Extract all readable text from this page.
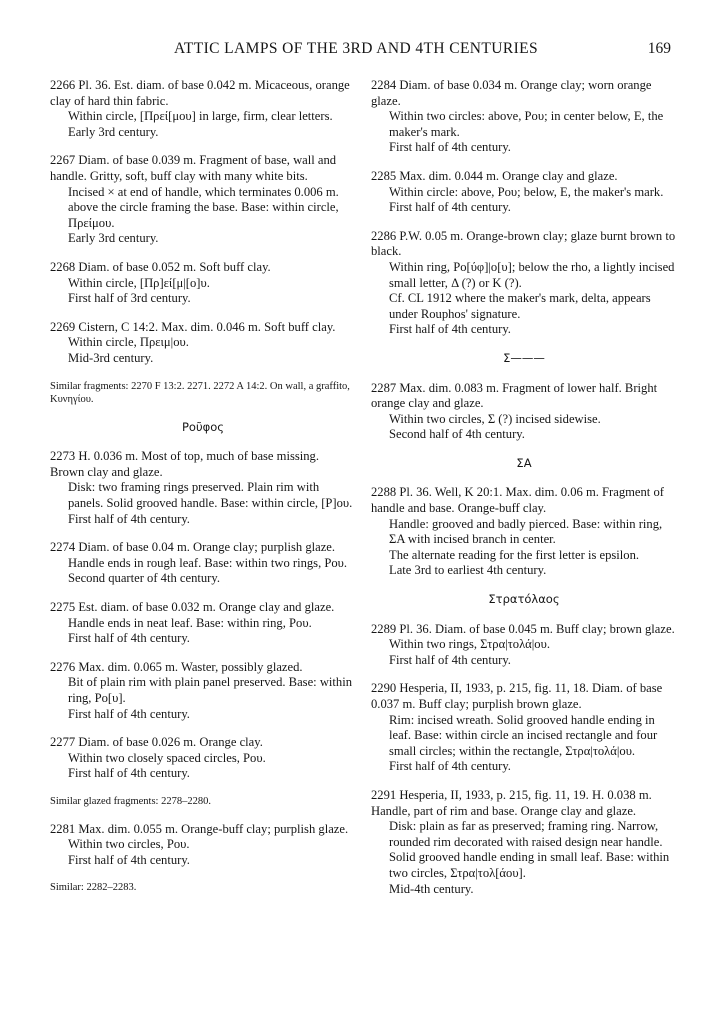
ATTIC LAMPS OF THE 3RD AND 4TH CENTURIES	169

2266 Pl. 36. Est. diam. of base 0.042 m. Micaceous, orange clay of hard thin fabric.

Within circle, [Πρεί[μου] in large, firm, clear letters.

Early 3rd century.

2267 Diam. of base 0.039 m. Fragment of base, wall and handle. Gritty, soft, buff clay with many white bits.

Incised × at end of handle, which terminates 0.006 m. above the circle framing the base. Base: within circle, Πρείμου.

Early 3rd century.

2268 Diam. of base 0.052 m. Soft buff clay.

Within circle, [Πρ]εί[μ|[ο]υ.

First half of 3rd century.

2269 Cistern, C 14:2. Max. dim. 0.046 m. Soft buff clay.

Within circle, Πρειμ|ου.

Mid-3rd century.

Similar fragments: 2270 F 13:2. 2271. 2272 A 14:2. On wall, a graffito, Κυνηγίου.
Ροῦφος

2273 H. 0.036 m. Most of top, much of base missing. Brown clay and glaze.

Disk: two framing rings preserved. Plain rim with panels. Solid grooved handle. Base: within circle, [Ρ]ου.

First half of 4th century.

2274 Diam. of base 0.04 m. Orange clay; purplish glaze.

Handle ends in rough leaf. Base: within two rings, Ρου.

Second quarter of 4th century.

2275 Est. diam. of base 0.032 m. Orange clay and glaze.

Handle ends in neat leaf. Base: within ring, Ρου.

First half of 4th century.

2276 Max. dim. 0.065 m. Waster, possibly glazed.

Bit of plain rim with plain panel preserved. Base: within ring, Ρο[υ].

First half of 4th century.

2277 Diam. of base 0.026 m. Orange clay.

Within two closely spaced circles, Ρου.

First half of 4th century.

Similar glazed fragments: 2278–2280.

2281 Max. dim. 0.055 m. Orange-buff clay; purplish glaze.

Within two circles, Ρου.

First half of 4th century.

Similar: 2282–2283.

2284 Diam. of base 0.034 m. Orange clay; worn orange glaze.

Within two circles: above, Ρου; in center below, Ε, the maker's mark.

First half of 4th century.

2285 Max. dim. 0.044 m. Orange clay and glaze.

Within circle: above, Ρου; below, Ε, the maker's mark.

First half of 4th century.

2286 P.W. 0.05 m. Orange-brown clay; glaze burnt brown to black.

Within ring, Ρο[ύφ]|ο[υ]; below the rho, a lightly incised small letter, Δ (?) or Κ (?).

Cf. CL 1912 where the maker's mark, delta, appears under Rouphos' signature.

First half of 4th century.

Σ———

2287 Max. dim. 0.083 m. Fragment of lower half. Bright orange clay and glaze.

Within two circles, Σ (?) incised sidewise.

Second half of 4th century.

ΣΑ

2288 Pl. 36. Well, K 20:1. Max. dim. 0.06 m. Fragment of handle and base. Orange-buff clay.

Handle: grooved and badly pierced. Base: within ring, ΣΑ with incised branch in center.

The alternate reading for the first letter is epsilon.

Late 3rd to earliest 4th century.

Στρατόλαος

2289 Pl. 36. Diam. of base 0.045 m. Buff clay; brown glaze.

Within two rings, Στρα|τολά|ου.

First half of 4th century.

2290 Hesperia, II, 1933, p. 215, fig. 11, 18. Diam. of base 0.037 m. Buff clay; purplish brown glaze.

Rim: incised wreath. Solid grooved handle ending in leaf. Base: within circle an incised rectangle and four small circles; within the rectangle, Στρα|τολά|ου.

First half of 4th century.

2291 Hesperia, II, 1933, p. 215, fig. 11, 19. H. 0.038 m. Handle, part of rim and base. Orange clay and glaze.

Disk: plain as far as preserved; framing ring. Narrow, rounded rim decorated with raised design near handle. Solid grooved handle ending in small leaf. Base: within two circles, Στρα|τολ[άου].

Mid-4th century.
